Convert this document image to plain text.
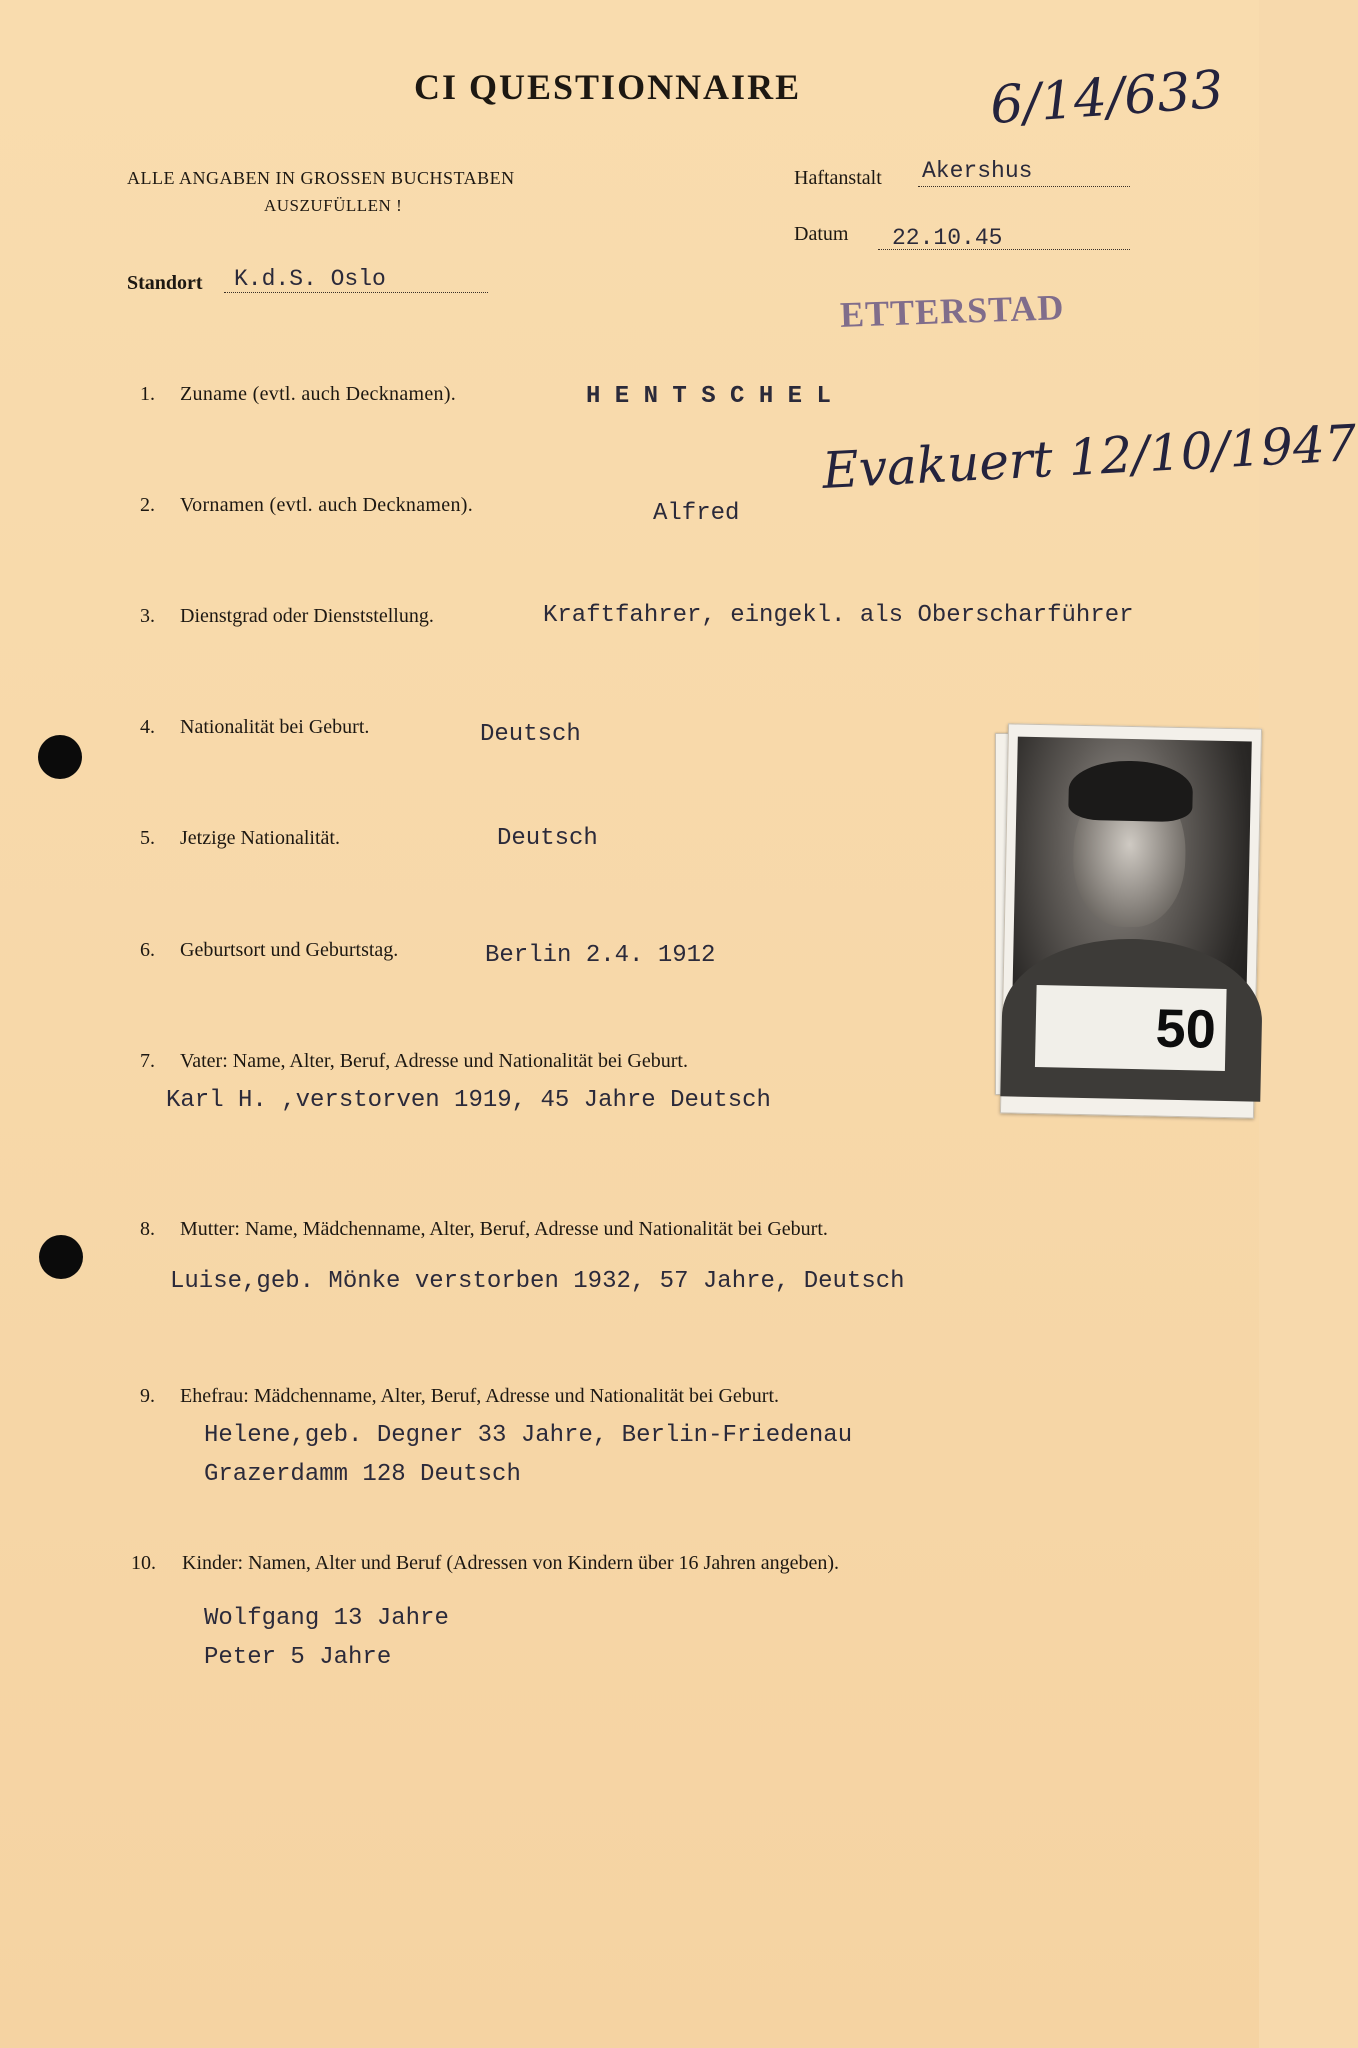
CI QUESTIONNAIRE	6/14/633
ALLE ANGABEN IN GROSSEN BUCHSTABEN
AUSZUFÜLLEN !
Haftanstalt Akershus
Datum	22.10.45
Standort	K.d.S. Oslo
ETTERSTAD
1. Zuname (evtl. auch Decknamen).	H E N T S C H E L
Evakuert 12/10/1947
2. Vornamen (evtl. auch Decknamen).	Alfred
3. Dienstgrad oder Dienststellung.	Kraftfahrer, eingekl. als Oberscharführer
50
4. Nationalität bei Geburt.	Deutsch
5. Jetzige Nationalität.	Deutsch
6. Geburtsort und Geburtstag.	Berlin 2.4. 1912
7. Vater: Name, Alter, Beruf, Adresse und Nationalität bei Geburt.
Karl H. ,verstorven 1919, 45 Jahre Deutsch
8. Mutter: Name, Mädchenname, Alter, Beruf, Adresse und Nationalität bei Geburt.
Luise,geb. Mönke verstorben 1932, 57 Jahre, Deutsch
9. Ehefrau: Mädchenname, Alter, Beruf, Adresse und Nationalität bei Geburt.
Helene,geb. Degner 33 Jahre, Berlin-Friedenau
Grazerdamm 128 Deutsch
10. Kinder: Namen, Alter und Beruf (Adressen von Kindern über 16 Jahren angeben).
Wolfgang 13 Jahre
Peter 5 Jahre
